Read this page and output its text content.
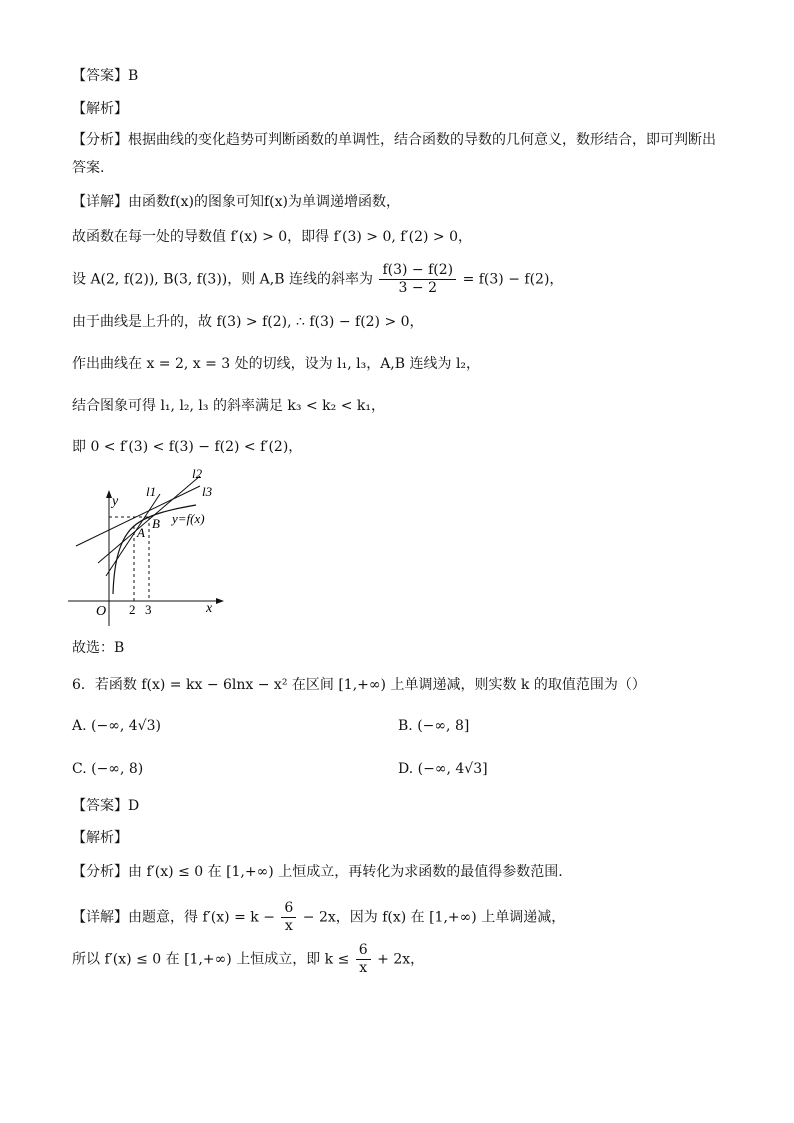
【答案】B
【解析】
【分析】根据曲线的变化趋势可判断函数的单调性，结合函数的导数的几何意义，数形结合，即可判断出答案.
【详解】由函数f(x)的图象可知f(x)为单调递增函数，
故函数在每一处的导数值 f′(x) > 0，即得 f′(3) > 0, f′(2) > 0，
设 A(2, f(2)), B(3, f(3))，则 A,B 连线的斜率为 $\frac{f(3) - f(2)}{3 - 2} = f(3) - f(2)$，
由于曲线是上升的，故 f(3) > f(2), ∴ f(3) − f(2) > 0，
作出曲线在 x = 2, x = 3 处的切线，设为 l₁, l₃，A,B 连线为 l₂，
结合图象可得 l₁, l₂, l₃ 的斜率满足 k₃ < k₂ < k₁，
即 0 < f′(3) < f(3) − f(2) < f′(2)，
y
x
O 2 3
l1
l2
l3
A
B y=f(x)
故选：B
6．若函数 f(x) = kx − 6lnx − x² 在区间 [1,+∞) 上单调递减，则实数 k 的取值范围为（）
A. (−∞, 4√3)	B. (−∞, 8]
C. (−∞, 8)	D. (−∞, 4√3]
【答案】D
【解析】
【分析】由 f′(x) ≤ 0 在 [1,+∞) 上恒成立，再转化为求函数的最值得参数范围.
【详解】由题意，得 $f'(x) = k - \frac{6}{x} - 2x$，因为 f(x) 在 [1,+∞) 上单调递减，
所以 f′(x) ≤ 0 在 [1,+∞) 上恒成立，即 $k \le \frac{6}{x} + 2x$，
